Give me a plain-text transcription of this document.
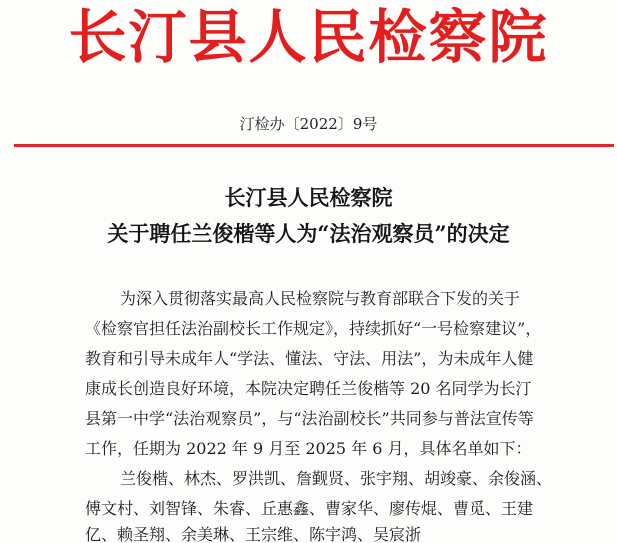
长汀县人民检察院
汀检办〔2022〕9号
长汀县人民检察院
关于聘任兰俊楷等人为“法治观察员”的决定
为深入贯彻落实最高人民检察院与教育部联合下发的关于
《检察官担任法治副校长工作规定》，持续抓好“一号检察建议”，
教育和引导未成年人“学法、懂法、守法、用法”，为未成年人健
康成长创造良好环境，本院决定聘任兰俊楷等 20 名同学为长汀
县第一中学“法治观察员”，与“法治副校长”共同参与普法宣传等
工作，任期为 2022 年 9 月至 2025 年 6 月，具体名单如下：
兰俊楷、林杰、罗洪凯、詹觐贤、张宇翔、胡竣豪、余俊涵、
傅文村、刘智锋、朱睿、丘惠鑫、曹家华、廖传焜、曹觅、王建
亿、赖圣翔、余美琳、王宗维、陈宇鸿、吴宸浙
